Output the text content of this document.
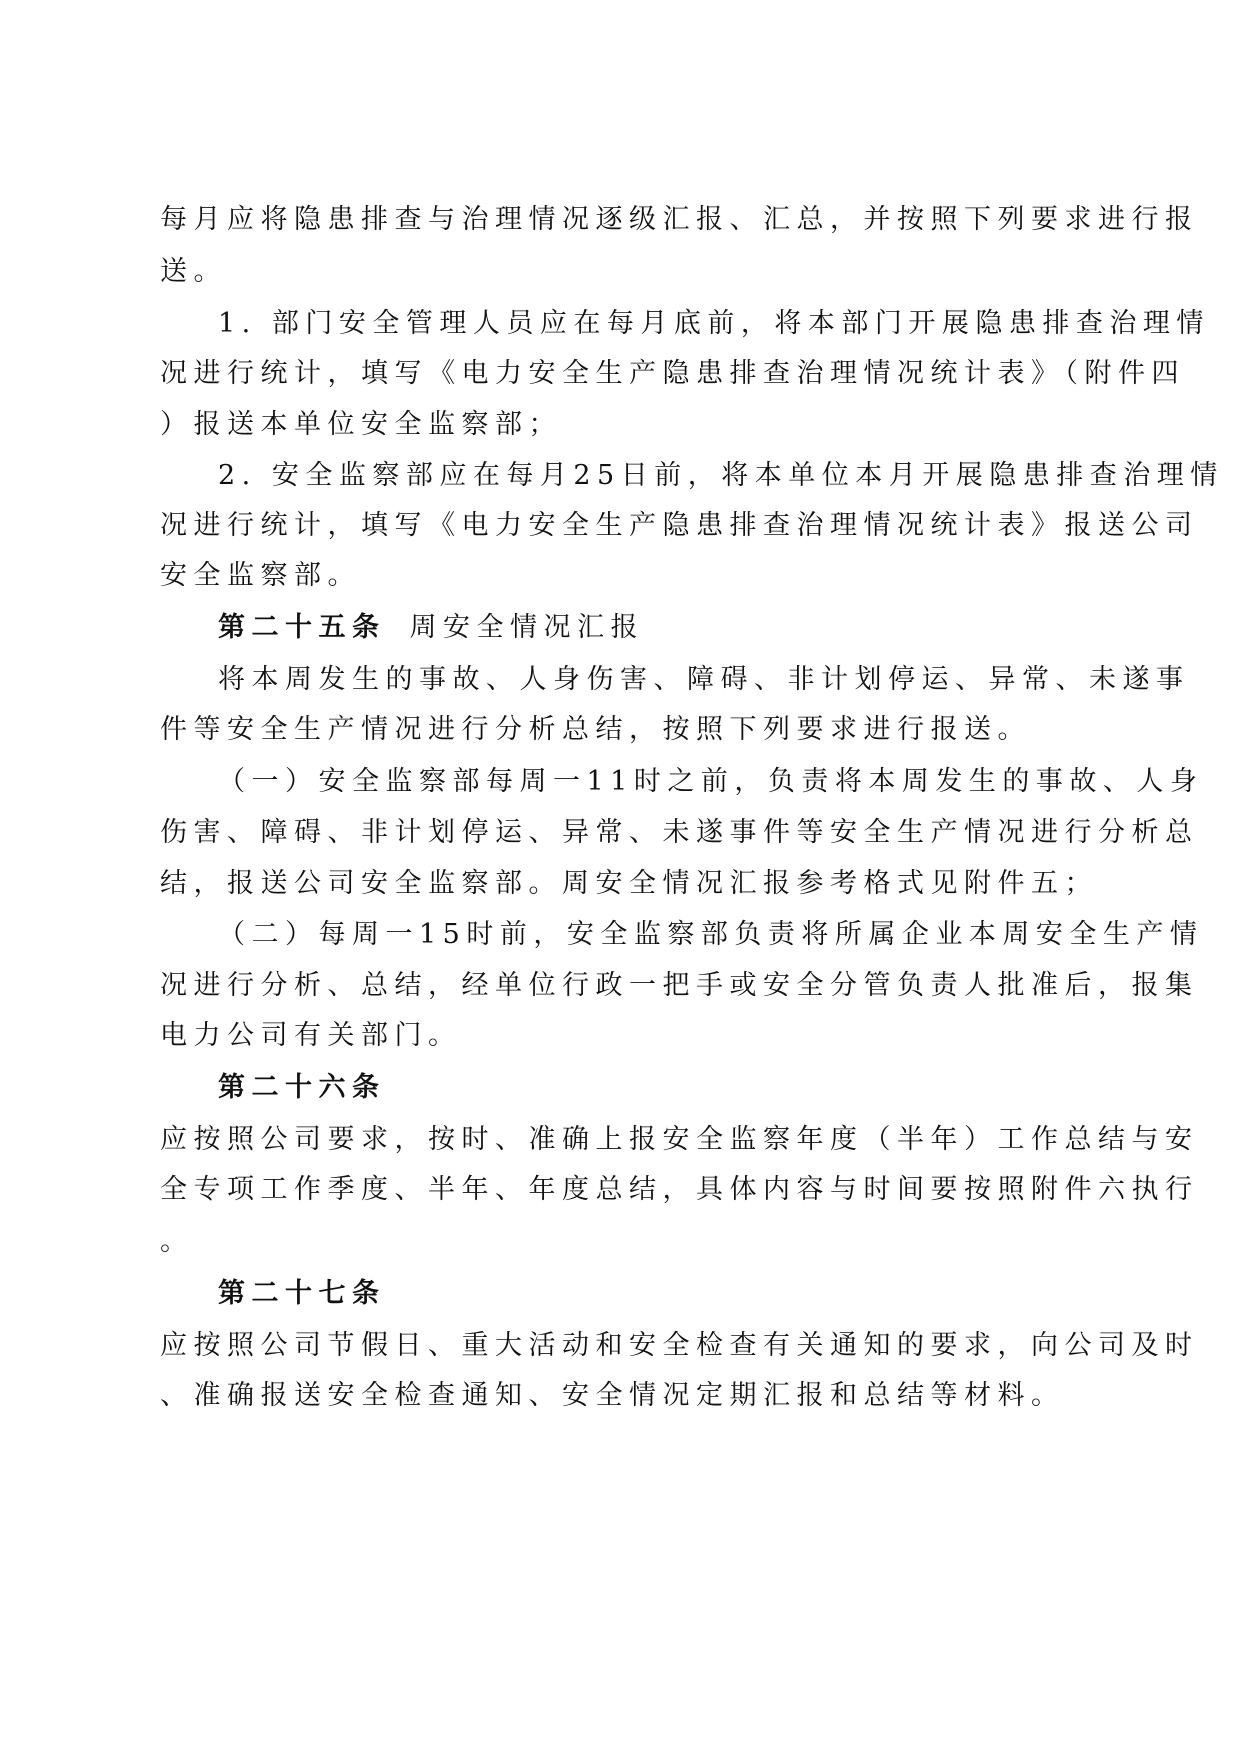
每月应将隐患排查与治理情况逐级汇报、汇总，并按照下列要求进行报
送。
1. 部门安全管理人员应在每月底前，将本部门开展隐患排查治理情
况进行统计，填写《电力安全生产隐患排查治理情况统计表》（附件四
）报送本单位安全监察部；
2. 安全监察部应在每月25日前，将本单位本月开展隐患排查治理情
况进行统计，填写《电力安全生产隐患排查治理情况统计表》报送公司
安全监察部。
第二十五条 周安全情况汇报
将本周发生的事故、人身伤害、障碍、非计划停运、异常、未遂事
件等安全生产情况进行分析总结，按照下列要求进行报送。
（一）安全监察部每周一11时之前，负责将本周发生的事故、人身
伤害、障碍、非计划停运、异常、未遂事件等安全生产情况进行分析总
结，报送公司安全监察部。周安全情况汇报参考格式见附件五；
（二）每周一15时前，安全监察部负责将所属企业本周安全生产情
况进行分析、总结，经单位行政一把手或安全分管负责人批准后，报集
电力公司有关部门。
第二十六条
应按照公司要求，按时、准确上报安全监察年度（半年）工作总结与安
全专项工作季度、半年、年度总结，具体内容与时间要按照附件六执行
。
第二十七条
应按照公司节假日、重大活动和安全检查有关通知的要求，向公司及时
、准确报送安全检查通知、安全情况定期汇报和总结等材料。
